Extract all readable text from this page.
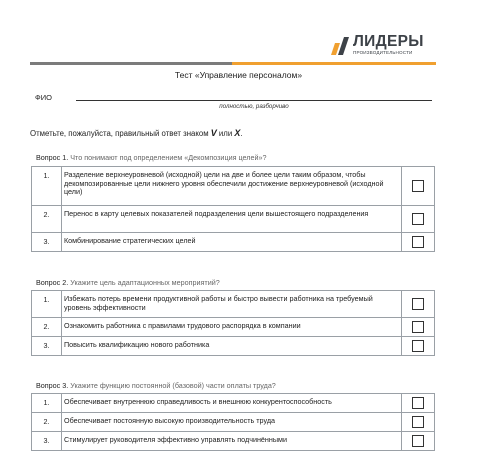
ЛИДЕРЫ
ПРОИЗВОДИТЕЛЬНОСТИ
Тест «Управление персоналом»
ФИО
полностью, разборчиво
Отметьте, пожалуйста, правильный ответ знаком V или X.
Вопрос 1. Что понимают под определением «Декомпозиция целей»?
1.	Разделение верхнеуровневой (исходной) цели на две и более цели таким образом, чтобы декомпозированные цели нижнего уровня обеспечили достижение верхнеуровневой (исходной цели)	
2.	Перенос в карту целевых показателей подразделения цели вышестоящего подразделения	
3.	Комбинирование стратегических целей	
Вопрос 2. Укажите цель адаптационных мероприятий?
1.	Избежать потерь времени продуктивной работы и быстро вывести работника на требуемый уровень эффективности	
2.	Ознакомить работника с правилами трудового распорядка в компании	
3.	Повысить квалификацию нового работника	
Вопрос 3. Укажите функцию постоянной (базовой) части оплаты труда?
1.	Обеспечивает внутреннюю справедливость и внешнюю конкурентоспособность	
2.	Обеспечивает постоянную высокую производительность труда	
3.	Стимулирует руководителя эффективно управлять подчинёнными	
